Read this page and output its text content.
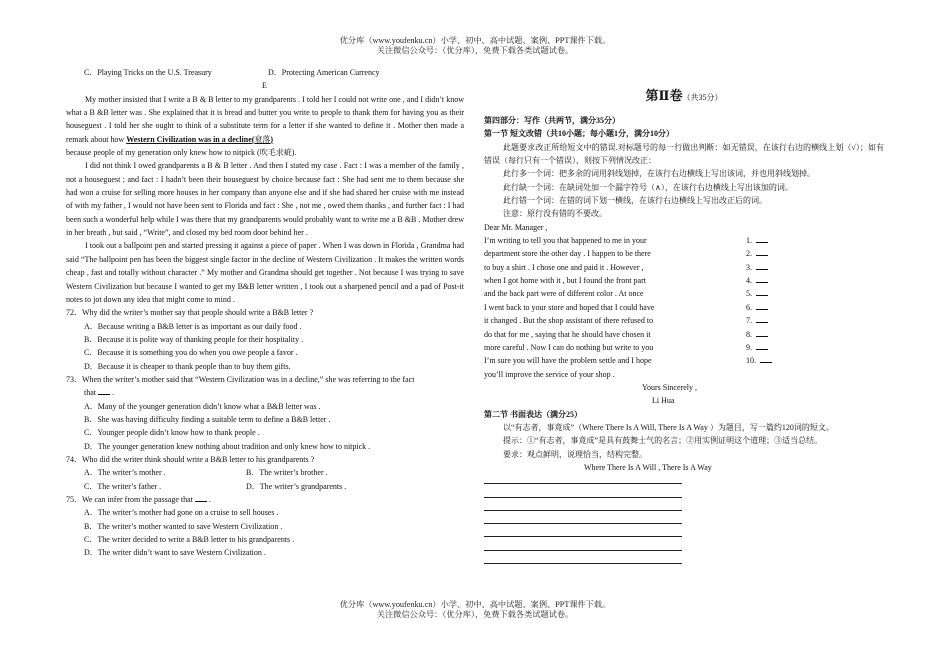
优分库（www.youfenku.cn）小学、初中、高中试题、案例、PPT课件下载。
关注微信公众号：（优分库），免费下载各类试题试卷。
C．Playing Tricks on the U.S. Treasury	D．Protecting American Currency
E
My mother insisted that I write a B & B letter to my grandparents . I told her I could not write one , and I didn’t know what a B &B letter was . She explained that it is bread and butter you write to people to thank them for having you as their houseguest . I told her she ought to think of a substitute term for a letter if she wanted to define it . Mother then made a remark about how Western Civilization was in a decline(衰落)
because people of my generation only knew how to nitpick (吹毛求疵).
I did not think I owed grandparents a B & B letter . And then I stated my case . Fact : I was a member of the family , not a houseguest ; and fact : I hadn’t been their houseguest by choice because fact : She had sent me to them because she had won a cruise for selling more houses in her company than anyone else and if she had shared her cruise with me instead of with my father , I would not have been sent to Florida and fact : She , not me , owed them thanks , and further fact : I had been such a wonderful help while I was there that my grandparents would probably want to write me a B &B . Mother drew in her breath , but said , “Write”, and closed my bed room door behind her .
I took out a ballpoint pen and started pressing it against a piece of paper . When I was down in Florida , Grandma had said “The ballpoint pen has been the biggest single factor in the decline of Western Civilization . It makes the written words cheap , fast and totally without character .” My mother and Grandma should get together . Not because I was trying to save Western Civilization but because I wanted to get my B&B letter written , I took out a sharpened pencil and a pad of Post-it notes to jot down any idea that might come to mind .
72．Why did the writer’s mother say that people should write a B&B letter ?
A．Because writing a B&B letter is as important as our daily food .
B．Because it is polite way of thanking people for their hospitality .
C．Because it is something you do when you owe people a favor .
D．Because it is cheaper to thank people than to buy them gifts.
73．When the writer’s mother said that “Western Civilization was in a decline,” she was referring to the fact
that  .
A．Many of the younger generation didn’t know what a B&B letter was .
B．She was having difficulty finding a suitable term to define a B&B letter .
C．Younger people didn’t know how to thank people .
D．The younger generation knew nothing about tradition and only knew how to nitpick .
74．Who did the writer think should write a B&B letter to his grandparents ?
A．The writer’s mother .	B．The writer’s brother .
C．The writer’s father .	D．The writer’s grandparents .
75．We can infer from the passage that  .
A．The writer’s mother had gone on a cruise to sell houses .
B．The writer’s mother wanted to save Western Civilization .
C．The writer decided to write a B&B letter to his grandparents .
D．The writer didn’t want to save Western Civilization .
第Ⅱ卷（共35分）
第四部分：写作（共两节，满分35分）
第一节 短文改错（共10小题；每小题1分，满分10分）
此题要求改正所给短文中的错误.对标题号的每一行做出判断：如无错误，在该行右边的横线上划（√）；如有错误（每行只有一个错误），则按下列情况改正：
此行多一个词：把多余的词用斜线划掉，在该行右边横线上写出该词，并也用斜线划掉。
此行缺一个词：在缺词处加一个漏字符号（∧），在该行右边横线上写出该加的词。
此行错一个词：在错的词下划一横线，在该行右边横线上写出改正后的词。
注意：原行没有错的不要改。
Dear Mr. Manager ,
I’m writing to tell you that happened to me in your	1.
department store the other day . I happen to be there	2.
to buy a shirt . I chose one and paid it . However ,	3.
when I got home with it , but I found the front part	4.
and the back part were of different color . At once	5.
I went back to your store and hoped that I could have	6.
it changed . But the shop assistant of there refused to	7.
do that for me , saying that he should have chosen it	8.
more careful . Now I can do nothing but write to you	9.
I’m sure you will have the problem settle and I hope	10.
you’ll improve the service of your shop .
Yours Sincerely ,
Li Hua
第二节 书面表达（满分25）
以“有志者，事竟成”（Where There Is A Will, There Is A Way ）为题目，写一篇约120词的短文。
提示：①“有志者，事竟成”是具有鼓舞士气的名言；②用实例证明这个道理；③适当总结。
要求：观点鲜明，说理恰当，结构完整。
Where There Is A Will , There Is A Way
优分库（www.youfenku.cn）小学、初中、高中试题、案例、PPT课件下载。
关注微信公众号：（优分库），免费下载各类试题试卷。
